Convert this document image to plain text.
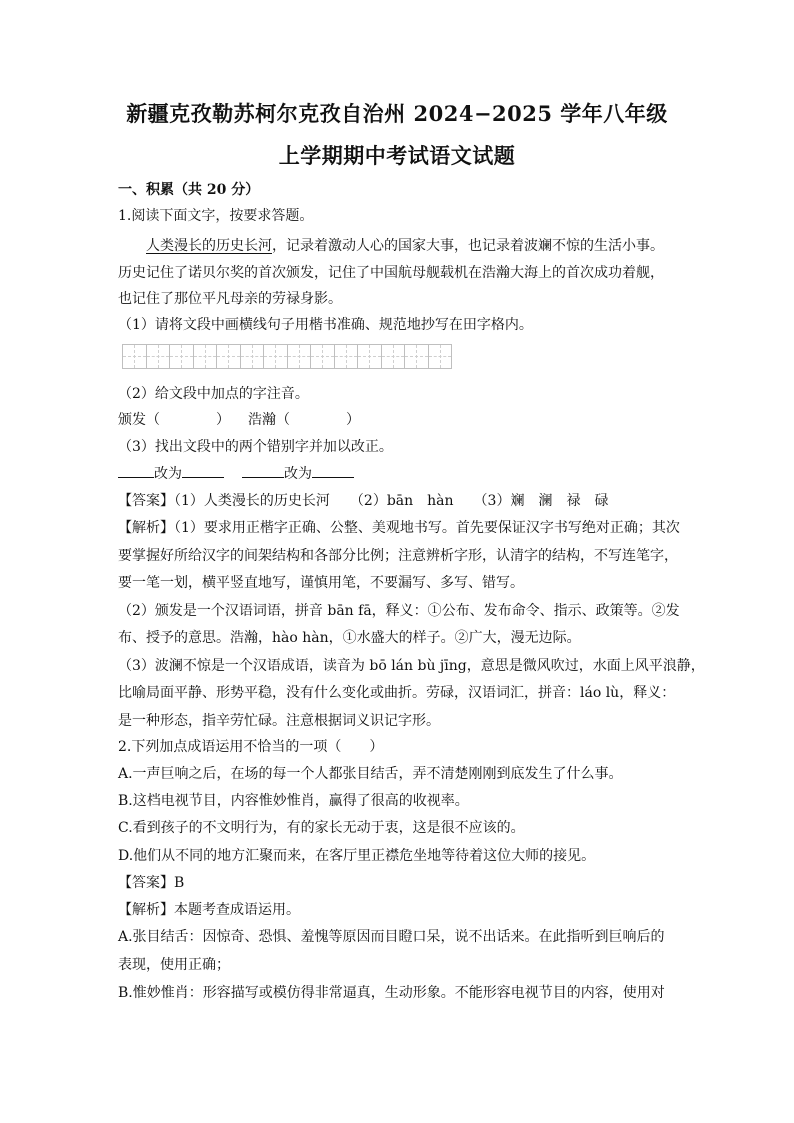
新疆克孜勒苏柯尔克孜自治州 2024−2025 学年八年级
上学期期中考试语文试题
一、积累（共 20 分）
1.阅读下面文字，按要求答题。
人类漫长的历史长河，记录着激动人心的国家大事，也记录着波斓不惊的生活小事。
历史记住了诺贝尔奖的首次颁发，记住了中国航母舰载机在浩瀚大海上的首次成功着舰，
也记住了那位平凡母亲的劳禄身影。
（1）请将文段中画横线句子用楷书准确、规范地抄写在田字格内。
（2）给文段中加点的字注音。
颁发（	） 浩瀚（	）
（3）找出文段中的两个错别字并加以改正。
改为	改为
【答案】（1）人类漫长的历史长河 （2）bān　hàn （3）斓　澜　禄　碌
【解析】（1）要求用正楷字正确、公整、美观地书写。首先要保证汉字书写绝对正确；其次
要掌握好所给汉字的间架结构和各部分比例；注意辨析字形，认清字的结构，不写连笔字，
要一笔一划，横平竖直地写，谨慎用笔，不要漏写、多写、错写。
（2）颁发是一个汉语词语，拼音 bān fā，释义：①公布、发布命令、指示、政策等。②发
布、授予的意思。浩瀚，hào hàn，①水盛大的样子。②广大，漫无边际。
（3）波澜不惊是一个汉语成语，读音为 bō lán bù jīng，意思是微风吹过，水面上风平浪静，
比喻局面平静、形势平稳，没有什么变化或曲折。劳碌，汉语词汇，拼音：láo lù，释义：
是一种形态，指辛劳忙碌。注意根据词义识记字形。
2.下列加点成语运用不恰当的一项（　　）
A.一声巨响之后，在场的每一个人都张目结舌，弄不清楚刚刚到底发生了什么事。
B.这档电视节目，内容惟妙惟肖，赢得了很高的收视率。
C.看到孩子的不文明行为，有的家长无动于衷，这是很不应该的。
D.他们从不同的地方汇聚而来，在客厅里正襟危坐地等待着这位大师的接见。
【答案】B
【解析】本题考查成语运用。
A.张目结舌：因惊奇、恐惧、羞愧等原因而目瞪口呆，说不出话来。在此指听到巨响后的
表现，使用正确；
B.惟妙惟肖：形容描写或模仿得非常逼真，生动形象。不能形容电视节目的内容，使用对
